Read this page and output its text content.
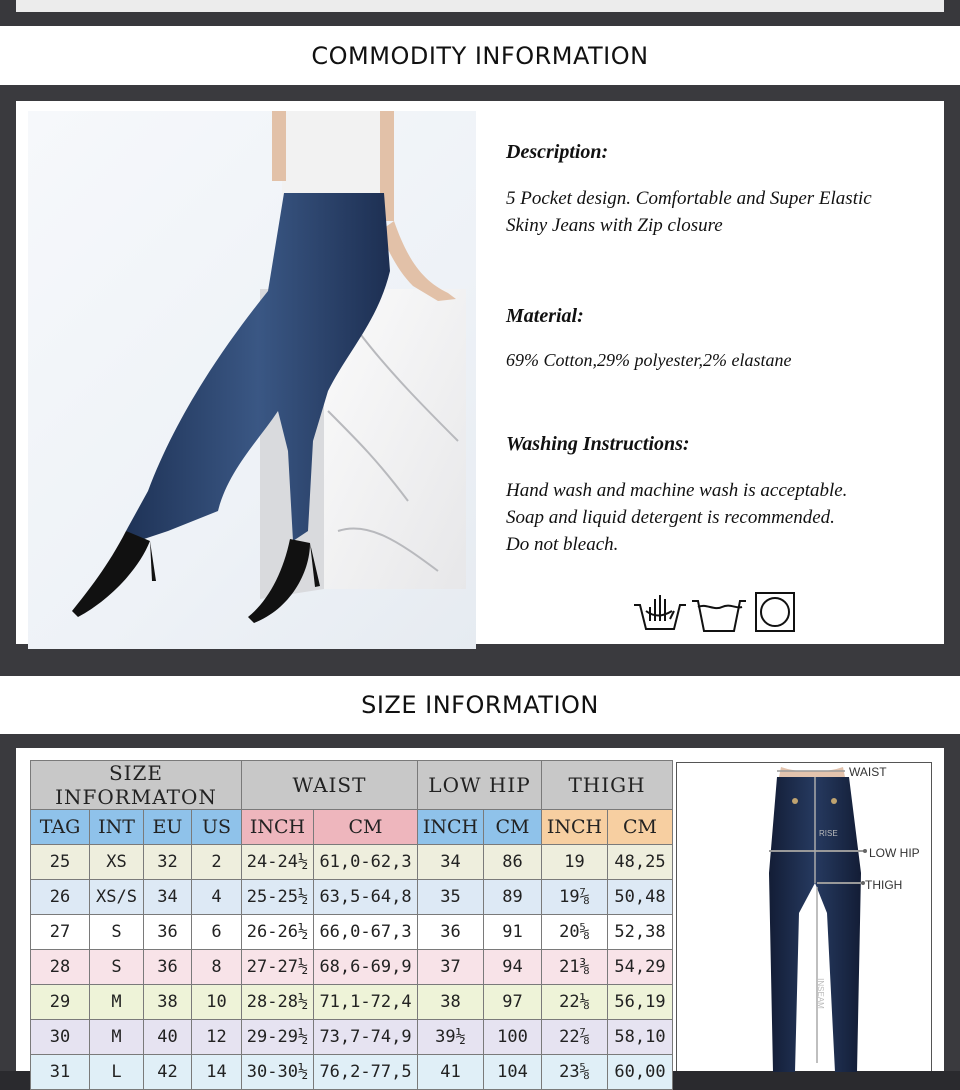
COMMODITY INFORMATION
Description:
5 Pocket design. Comfortable and Super Elastic
Skiny Jeans with Zip closure
Material:
69% Cotton,29% polyester,2% elastane
Washing Instructions:
Hand wash and machine wash is acceptable.
Soap and liquid detergent is recommended.
Do not bleach.
SIZE INFORMATION
SIZE INFORMATON				WAIST		LOW HIP		THIGH	
TAG	INT	EU	US	INCH	CM	INCH	CM	INCH	CM
25	XS	32	2	24-24½	61,0-62,3	34	86	19	48,25
26	XS/S	34	4	25-25½	63,5-64,8	35	89	19⅞	50,48
27	S	36	6	26-26½	66,0-67,3	36	91	20⅝	52,38
28	S	36	8	27-27½	68,6-69,9	37	94	21⅜	54,29
29	M	38	10	28-28½	71,1-72,4	38	97	22⅛	56,19
30	M	40	12	29-29½	73,7-74,9	39½	100	22⅞	58,10
31	L	42	14	30-30½	76,2-77,5	41	104	23⅝	60,00
WAIST
LOW HIP
THIGH
RISE
INSEAM
